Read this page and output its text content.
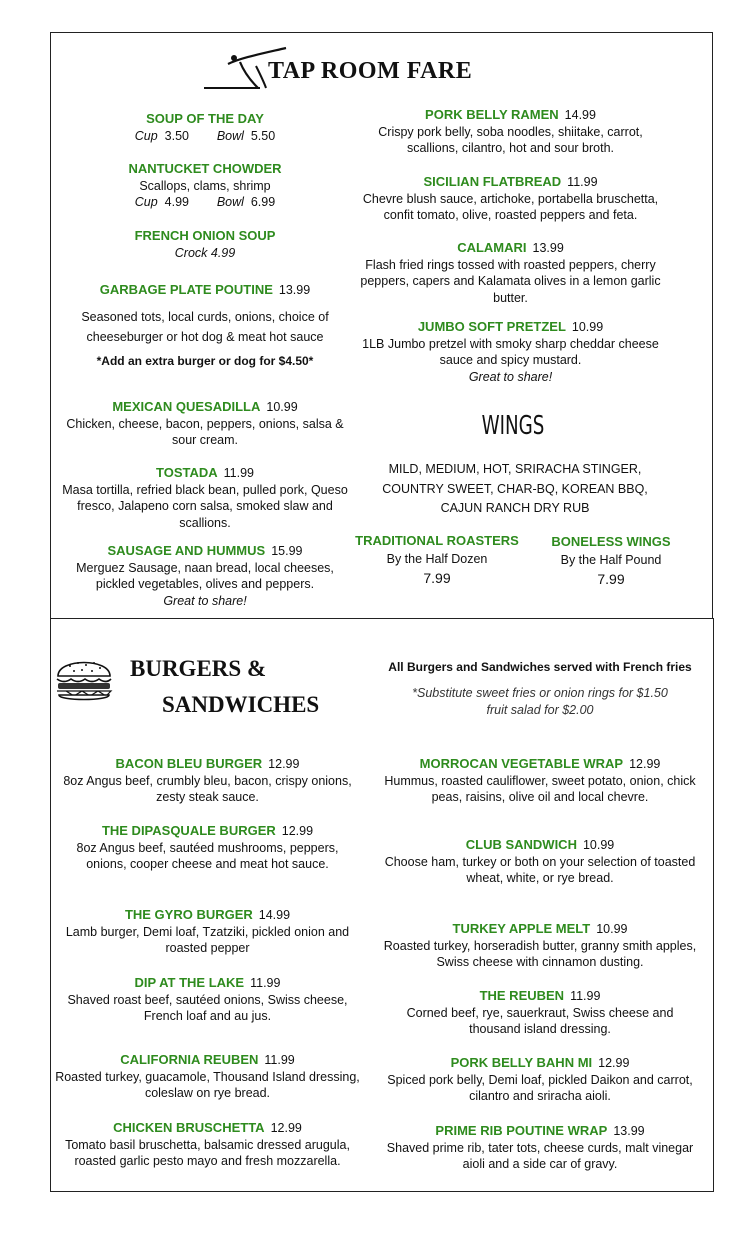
TAP ROOM FARE
SOUP OF THE DAY
Cup 3.50 Bowl 5.50
NANTUCKET CHOWDER
Scallops, clams, shrimp
Cup 4.99 Bowl 6.99
FRENCH ONION SOUP
Crock 4.99
GARBAGE PLATE POUTINE 13.99
Seasoned tots, local curds, onions, choice of cheeseburger or hot dog & meat hot sauce
*Add an extra burger or dog for $4.50*
MEXICAN QUESADILLA 10.99
Chicken, cheese, bacon, peppers, onions, salsa & sour cream.
TOSTADA 11.99
Masa tortilla, refried black bean, pulled pork, Queso fresco, Jalapeno corn salsa, smoked slaw and scallions.
SAUSAGE AND HUMMUS 15.99
Merguez Sausage, naan bread, local cheeses, pickled vegetables, olives and peppers.
Great to share!
PORK BELLY RAMEN 14.99
Crispy pork belly, soba noodles, shiitake, carrot, scallions, cilantro, hot and sour broth.
SICILIAN FLATBREAD 11.99
Chevre blush sauce, artichoke, portabella bruschetta, confit tomato, olive, roasted peppers and feta.
CALAMARI 13.99
Flash fried rings tossed with roasted peppers, cherry peppers, capers and Kalamata olives in a lemon garlic butter.
JUMBO SOFT PRETZEL 10.99
1LB Jumbo pretzel with smoky sharp cheddar cheese sauce and spicy mustard.
Great to share!
WINGS
MILD, MEDIUM, HOT, SRIRACHA STINGER,
COUNTRY SWEET, CHAR-BQ, KOREAN BBQ,
CAJUN RANCH DRY RUB
TRADITIONAL ROASTERS
By the Half Dozen
7.99
BONELESS WINGS
By the Half Pound
7.99
BURGERS &
SANDWICHES
All Burgers and Sandwiches served with French fries
*Substitute sweet fries or onion rings for $1.50
fruit salad for $2.00
BACON BLEU BURGER 12.99
8oz Angus beef, crumbly bleu, bacon, crispy onions, zesty steak sauce.
THE DIPASQUALE BURGER 12.99
8oz Angus beef, sautéed mushrooms, peppers, onions, cooper cheese and meat hot sauce.
THE GYRO BURGER 14.99
Lamb burger, Demi loaf, Tzatziki, pickled onion and roasted pepper
DIP AT THE LAKE 11.99
Shaved roast beef, sautéed onions, Swiss cheese, French loaf and au jus.
CALIFORNIA REUBEN 11.99
Roasted turkey, guacamole, Thousand Island dressing, coleslaw on rye bread.
CHICKEN BRUSCHETTA 12.99
Tomato basil bruschetta, balsamic dressed arugula, roasted garlic pesto mayo and fresh mozzarella.
MORROCAN VEGETABLE WRAP 12.99
Hummus, roasted cauliflower, sweet potato, onion, chick peas, raisins, olive oil and local chevre.
CLUB SANDWICH 10.99
Choose ham, turkey or both on your selection of toasted wheat, white, or rye bread.
TURKEY APPLE MELT 10.99
Roasted turkey, horseradish butter, granny smith apples, Swiss cheese with cinnamon dusting.
THE REUBEN 11.99
Corned beef, rye, sauerkraut, Swiss cheese and thousand island dressing.
PORK BELLY BAHN MI 12.99
Spiced pork belly, Demi loaf, pickled Daikon and carrot, cilantro and sriracha aioli.
PRIME RIB POUTINE WRAP 13.99
Shaved prime rib, tater tots, cheese curds, malt vinegar aioli and a side car of gravy.
